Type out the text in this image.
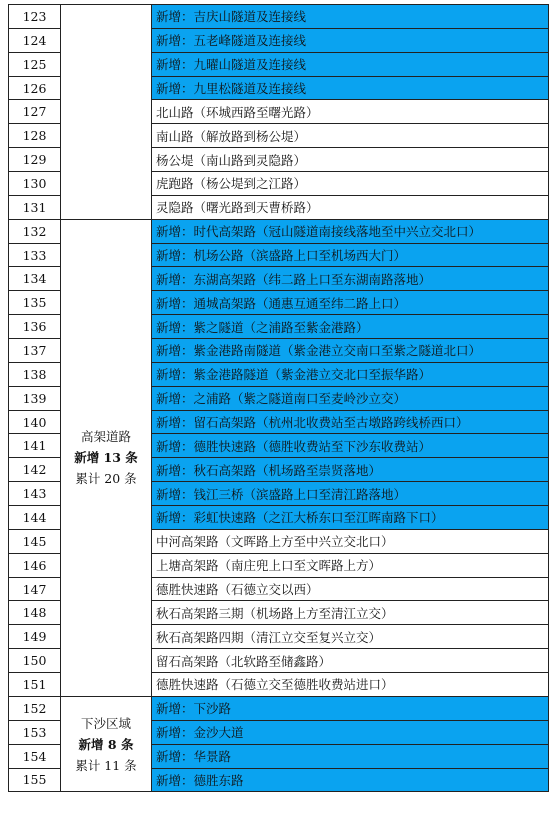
123		新增：吉庆山隧道及连接线
124		新增：五老峰隧道及连接线
125		新增：九曜山隧道及连接线
126		新增：九里松隧道及连接线
127		北山路（环城西路至曙光路）
128		南山路（解放路到杨公堤）
129		杨公堤（南山路到灵隐路）
130		虎跑路（杨公堤到之江路）
131		灵隐路（曙光路到天曹桥路）
132	高架道路
新增 13 条
累计 20 条	新增：时代高架路（冠山隧道南接线落地至中兴立交北口）
133		新增：机场公路（滨盛路上口至机场西大门）
134		新增：东湖高架路（纬二路上口至东湖南路落地）
135		新增：通城高架路（通惠互通至纬二路上口）
136		新增：紫之隧道（之浦路至紫金港路）
137		新增：紫金港路南隧道（紫金港立交南口至紫之隧道北口）
138		新增：紫金港路隧道（紫金港立交北口至振华路）
139		新增：之浦路（紫之隧道南口至麦岭沙立交）
140		新增：留石高架路（杭州北收费站至古墩路跨线桥西口）
141		新增：德胜快速路（德胜收费站至下沙东收费站）
142		新增：秋石高架路（机场路至崇贤落地）
143		新增：钱江三桥（滨盛路上口至清江路落地）
144		新增：彩虹快速路（之江大桥东口至江晖南路下口）
145		中河高架路（文晖路上方至中兴立交北口）
146		上塘高架路（南庄兜上口至文晖路上方）
147		德胜快速路（石德立交以西）
148		秋石高架路三期（机场路上方至清江立交）
149		秋石高架路四期（清江立交至复兴立交）
150		留石高架路（北软路至储鑫路）
151		德胜快速路（石德立交至德胜收费站进口）
152	下沙区域
新增 8 条
累计 11 条	新增：下沙路
153		新增：金沙大道
154		新增：华景路
155		新增：德胜东路
